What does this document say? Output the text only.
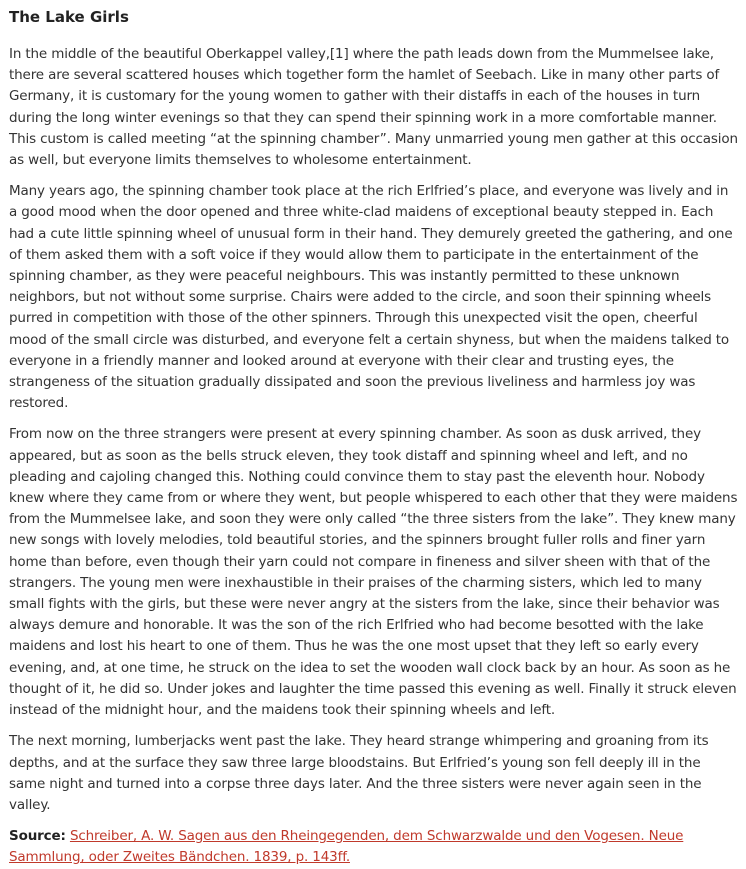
The Lake Girls

In the middle of the beautiful Oberkappel valley,[1] where the path leads down from the Mummelsee lake, there are several scattered houses which together form the hamlet of Seebach. Like in many other parts of Germany, it is customary for the young women to gather with their distaffs in each of the houses in turn during the long winter evenings so that they can spend their spinning work in a more comfortable manner. This custom is called meeting “at the spinning chamber”. Many unmarried young men gather at this occasion as well, but everyone limits themselves to wholesome entertainment.

Many years ago, the spinning chamber took place at the rich Erlfried’s place, and everyone was lively and in a good mood when the door opened and three white-clad maidens of exceptional beauty stepped in. Each had a cute little spinning wheel of unusual form in their hand. They demurely greeted the gathering, and one of them asked them with a soft voice if they would allow them to participate in the entertainment of the spinning chamber, as they were peaceful neighbours. This was instantly permitted to these unknown neighbors, but not without some surprise. Chairs were added to the circle, and soon their spinning wheels purred in competition with those of the other spinners. Through this unexpected visit the open, cheerful mood of the small circle was disturbed, and everyone felt a certain shyness, but when the maidens talked to everyone in a friendly manner and looked around at everyone with their clear and trusting eyes, the strangeness of the situation gradually dissipated and soon the previous liveliness and harmless joy was restored.

From now on the three strangers were present at every spinning chamber. As soon as dusk arrived, they appeared, but as soon as the bells struck eleven, they took distaff and spinning wheel and left, and no pleading and cajoling changed this. Nothing could convince them to stay past the eleventh hour. Nobody knew where they came from or where they went, but people whispered to each other that they were maidens from the Mummelsee lake, and soon they were only called “the three sisters from the lake”. They knew many new songs with lovely melodies, told beautiful stories, and the spinners brought fuller rolls and finer yarn home than before, even though their yarn could not compare in fineness and silver sheen with that of the strangers. The young men were inexhaustible in their praises of the charming sisters, which led to many small fights with the girls, but these were never angry at the sisters from the lake, since their behavior was always demure and honorable. It was the son of the rich Erlfried who had become besotted with the lake maidens and lost his heart to one of them. Thus he was the one most upset that they left so early every evening, and, at one time, he struck on the idea to set the wooden wall clock back by an hour. As soon as he thought of it, he did so. Under jokes and laughter the time passed this evening as well. Finally it struck eleven instead of the midnight hour, and the maidens took their spinning wheels and left.

The next morning, lumberjacks went past the lake. They heard strange whimpering and groaning from its depths, and at the surface they saw three large bloodstains. But Erlfried’s young son fell deeply ill in the same night and turned into a corpse three days later. And the three sisters were never again seen in the valley.

Source: Schreiber, A. W. Sagen aus den Rheingegenden, dem Schwarzwalde und den Vogesen. Neue Sammlung, oder Zweites Bändchen. 1839, p. 143ff.
